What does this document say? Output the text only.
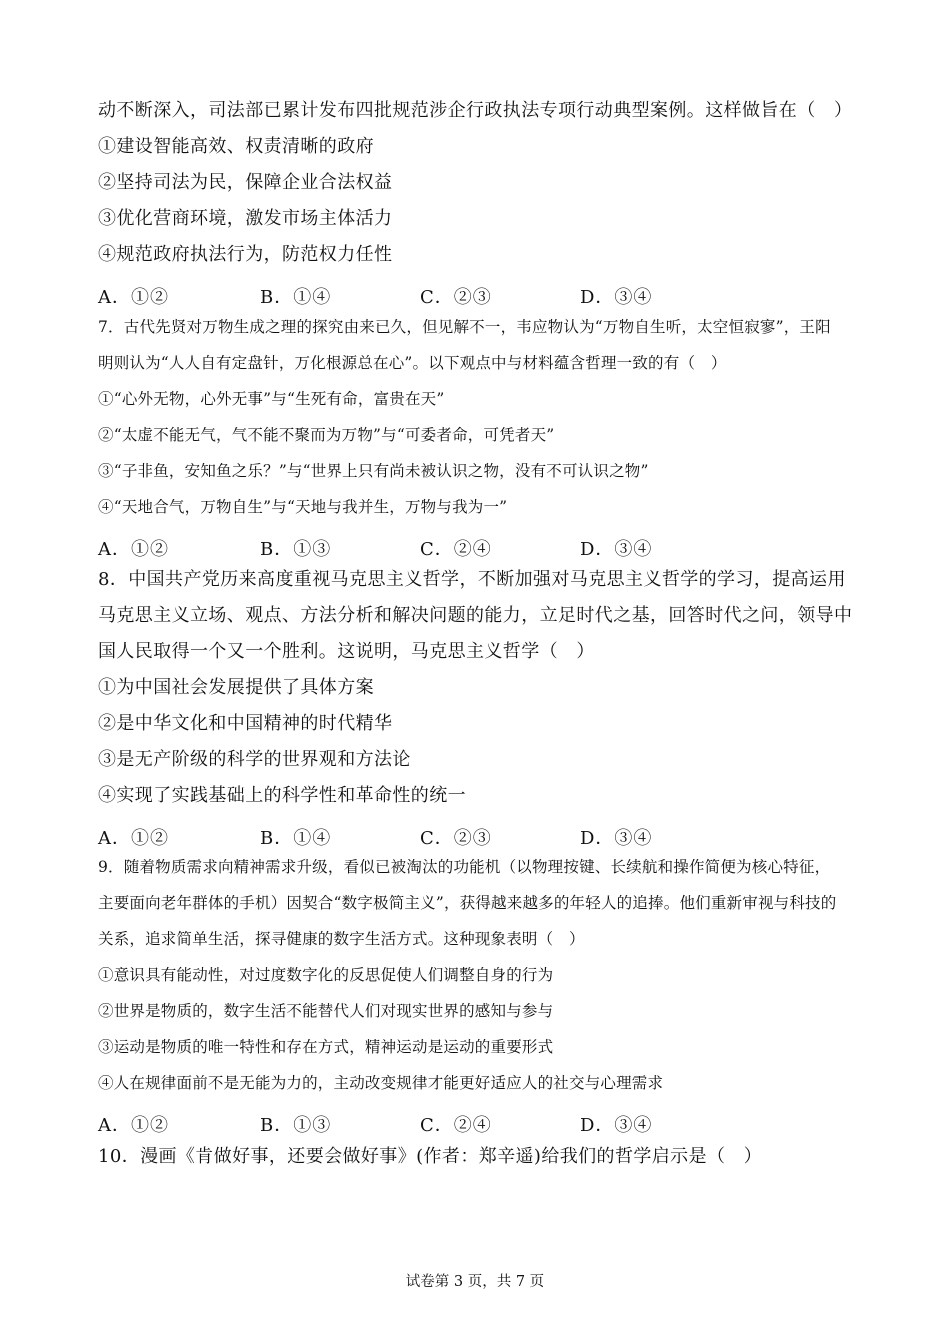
动不断深入，司法部已累计发布四批规范涉企行政执法专项行动典型案例。这样做旨在（　）
①建设智能高效、权责清晰的政府
②坚持司法为民，保障企业合法权益
③优化营商环境，激发市场主体活力
④规范政府执法行为，防范权力任性
A．①②	B．①④	C．②③	D．③④
7．古代先贤对万物生成之理的探究由来已久，但见解不一，韦应物认为“万物自生听，太空恒寂寥”，王阳
明则认为“人人自有定盘针，万化根源总在心”。以下观点中与材料蕴含哲理一致的有（　）
①“心外无物，心外无事”与“生死有命，富贵在天”
②“太虚不能无气，气不能不聚而为万物”与“可委者命，可凭者天”
③“子非鱼，安知鱼之乐？”与“世界上只有尚未被认识之物，没有不可认识之物”
④“天地合气，万物自生”与“天地与我并生，万物与我为一”
A．①②	B．①③	C．②④	D．③④
8．中国共产党历来高度重视马克思主义哲学，不断加强对马克思主义哲学的学习，提高运用
马克思主义立场、观点、方法分析和解决问题的能力，立足时代之基，回答时代之问，领导中
国人民取得一个又一个胜利。这说明，马克思主义哲学（　）
①为中国社会发展提供了具体方案
②是中华文化和中国精神的时代精华
③是无产阶级的科学的世界观和方法论
④实现了实践基础上的科学性和革命性的统一
A．①②	B．①④	C．②③	D．③④
9．随着物质需求向精神需求升级，看似已被淘汰的功能机（以物理按键、长续航和操作简便为核心特征，
主要面向老年群体的手机）因契合“数字极简主义”，获得越来越多的年轻人的追捧。他们重新审视与科技的
关系，追求简单生活，探寻健康的数字生活方式。这种现象表明（　）
①意识具有能动性，对过度数字化的反思促使人们调整自身的行为
②世界是物质的，数字生活不能替代人们对现实世界的感知与参与
③运动是物质的唯一特性和存在方式，精神运动是运动的重要形式
④人在规律面前不是无能为力的，主动改变规律才能更好适应人的社交与心理需求
A．①②	B．①③	C．②④	D．③④
10．漫画《肯做好事，还要会做好事》(作者：郑辛遥)给我们的哲学启示是（　）
试卷第 3 页，共 7 页
